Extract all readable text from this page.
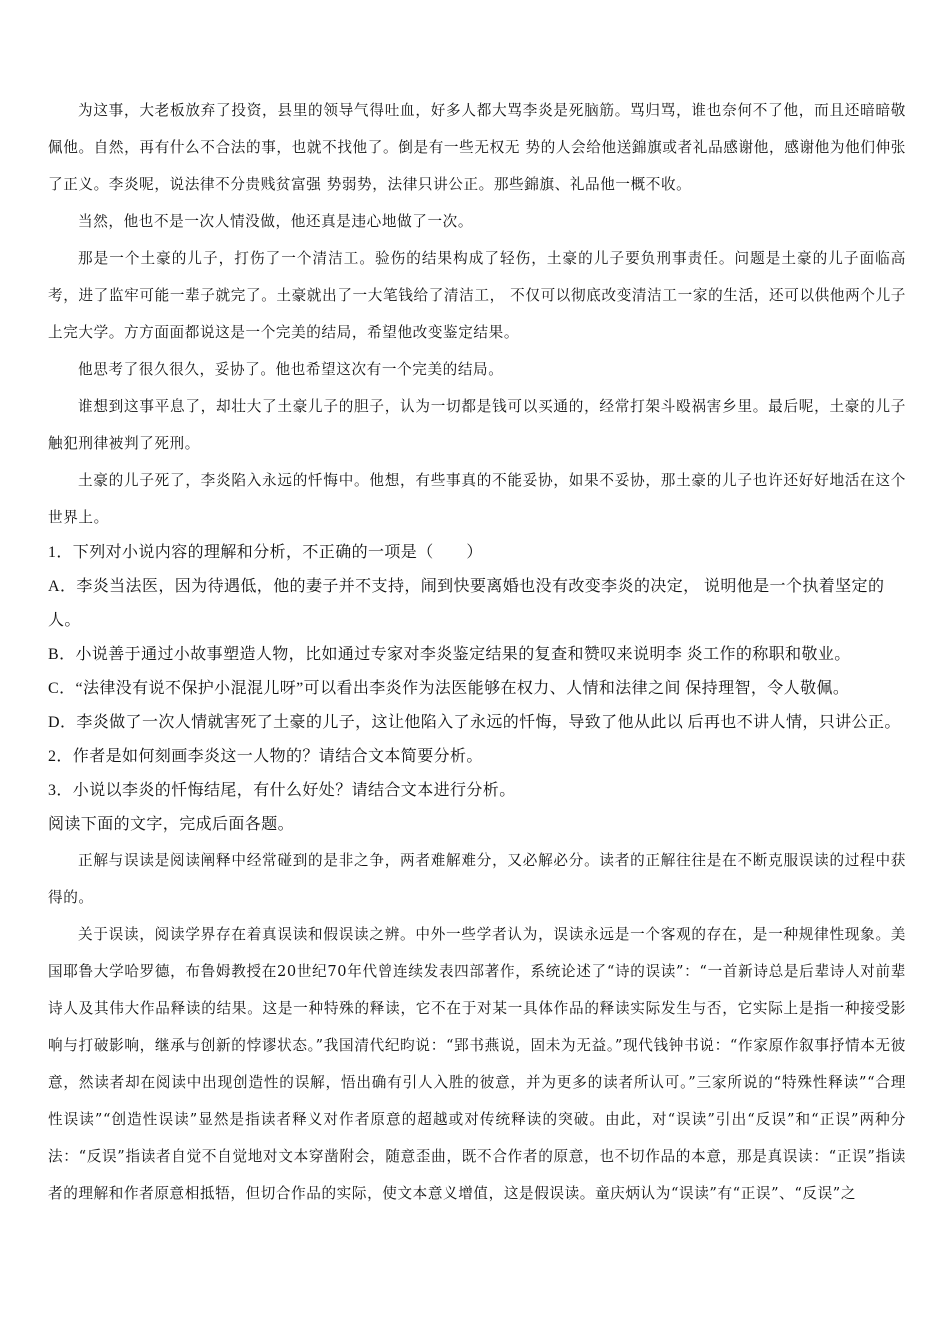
为这事，大老板放弃了投资，县里的领导气得吐血，好多人都大骂李炎是死脑筋。骂归骂，谁也奈何不了他，而且还暗暗敬佩他。自然，再有什么不合法的事，也就不找他了。倒是有一些无权无 势的人会给他送錦旗或者礼品感谢他，感谢他为他们伸张了正义。李炎呢，说法律不分贵贱贫富强 势弱势，法律只讲公正。那些錦旗、礼品他一概不收。

当然，他也不是一次人情没做，他还真是违心地做了一次。

那是一个土豪的儿子，打伤了一个清洁工。验伤的结果构成了轻伤，土豪的儿子要负刑事责任。问题是土豪的儿子面临高考，进了监牢可能一辈子就完了。土豪就出了一大笔钱给了清洁工， 不仅可以彻底改变清洁工一家的生活，还可以供他两个儿子上完大学。方方面面都说这是一个完美的结局，希望他改变鉴定结果。

他思考了很久很久，妥协了。他也希望这次有一个完美的结局。

谁想到这事平息了，却壮大了土豪儿子的胆子，认为一切都是钱可以买通的，经常打架斗殴祸害乡里。最后呢，土豪的儿子触犯刑律被判了死刑。

土豪的儿子死了，李炎陷入永远的忏悔中。他想，有些事真的不能妥协，如果不妥协，那土豪的儿子也许还好好地活在这个世界上。

1．下列对小说内容的理解和分析，不正确的一项是（　　）

A．李炎当法医，因为待遇低，他的妻子并不支持，闹到快要离婚也没有改变李炎的决定， 说明他是一个执着坚定的人。

B．小说善于通过小故事塑造人物，比如通过专家对李炎鉴定结果的复查和赞叹来说明李 炎工作的称职和敬业。

C．“法律没有说不保护小混混儿呀”可以看出李炎作为法医能够在权力、人情和法律之间 保持理智，令人敬佩。

D．李炎做了一次人情就害死了土豪的儿子，这让他陷入了永远的忏悔，导致了他从此以 后再也不讲人情，只讲公正。

2．作者是如何刻画李炎这一人物的？请结合文本简要分析。

3．小说以李炎的忏悔结尾，有什么好处？请结合文本进行分析。

阅读下面的文字，完成后面各题。

正解与误读是阅读阐释中经常碰到的是非之争，两者难解难分，又必解必分。读者的正解往往是在不断克服误读的过程中获得的。

关于误读，阅读学界存在着真误读和假误读之辨。中外一些学者认为，误读永远是一个客观的存在，是一种规律性现象。美国耶鲁大学哈罗德，布鲁姆教授在20世纪70年代曾连续发表四部著作，系统论述了“诗的误读”：“一首新诗总是后辈诗人对前辈诗人及其伟大作品释读的结果。这是一种特殊的释读，它不在于对某一具体作品的释读实际发生与否，它实际上是指一种接受影响与打破影响，继承与创新的悖谬状态。”我国清代纪昀说：“郢书燕说，固未为无益。”现代钱钟书说：“作家原作叙事抒情本无彼意，然读者却在阅读中出现创造性的误解，悟出确有引人入胜的彼意，并为更多的读者所认可。”三家所说的“特殊性释读”“合理性误读”“创造性误读”显然是指读者释义对作者原意的超越或对传统释读的突破。由此，对“误读”引出“反误”和“正误”两种分法：“反误”指读者自觉不自觉地对文本穿凿附会，随意歪曲，既不合作者的原意，也不切作品的本意，那是真误读：“正误”指读者的理解和作者原意相抵牾，但切合作品的实际，使文本意义增值，这是假误读。童庆炳认为“误读”有“正误”、“反误”之
